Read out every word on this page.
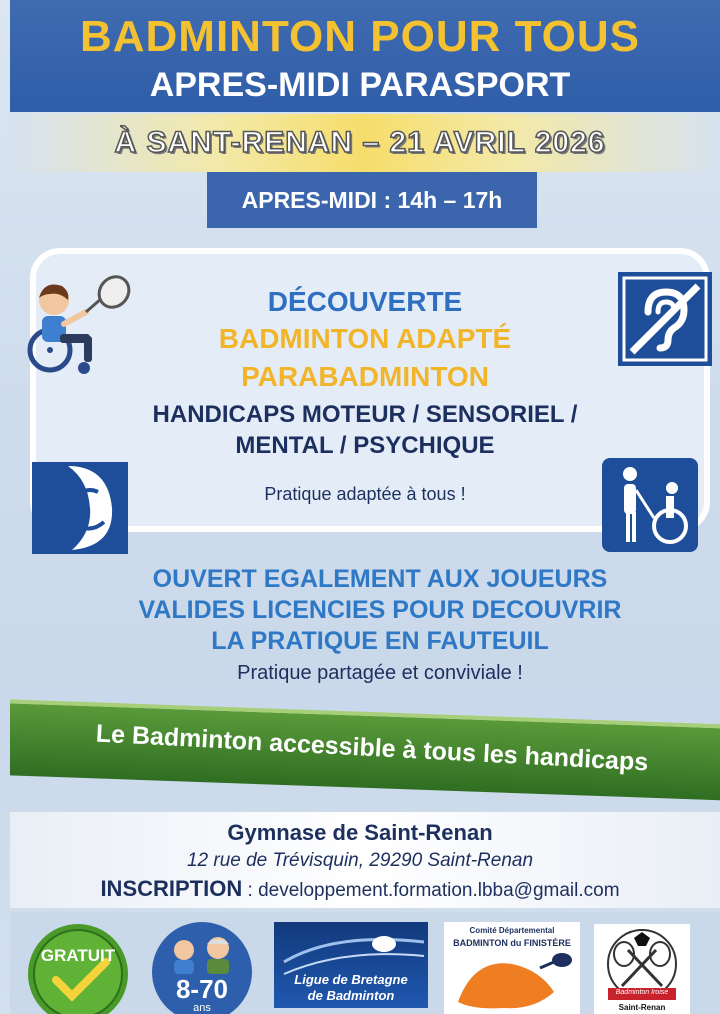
BADMINTON POUR TOUS
APRES-MIDI PARASPORT
À SANT-RENAN – 21 AVRIL 2026
APRES-MIDI : 14h – 17h
DÉCOUVERTE
BADMINTON ADAPTÉ
PARABADMINTON
HANDICAPS MOTEUR / SENSORIEL /
MENTAL / PSYCHIQUE
Pratique adaptée à tous !
OUVERT EGALEMENT AUX JOUEURS
VALIDES LICENCIES POUR DECOUVRIR
LA PRATIQUE EN FAUTEUIL
Pratique partagée et conviviale !
Le Badminton accessible à tous les handicaps
Gymnase de Saint-Renan
12 rue de Trévisquin, 29290 Saint-Renan
INSCRIPTION : developpement.formation.lbba@gmail.com
GRATUIT
8-70
ans
Ligue de Bretagne
de Badminton
Comité Départemental
BADMINTON du FINISTÈRE
Badminton Iroise
Saint-Renan
